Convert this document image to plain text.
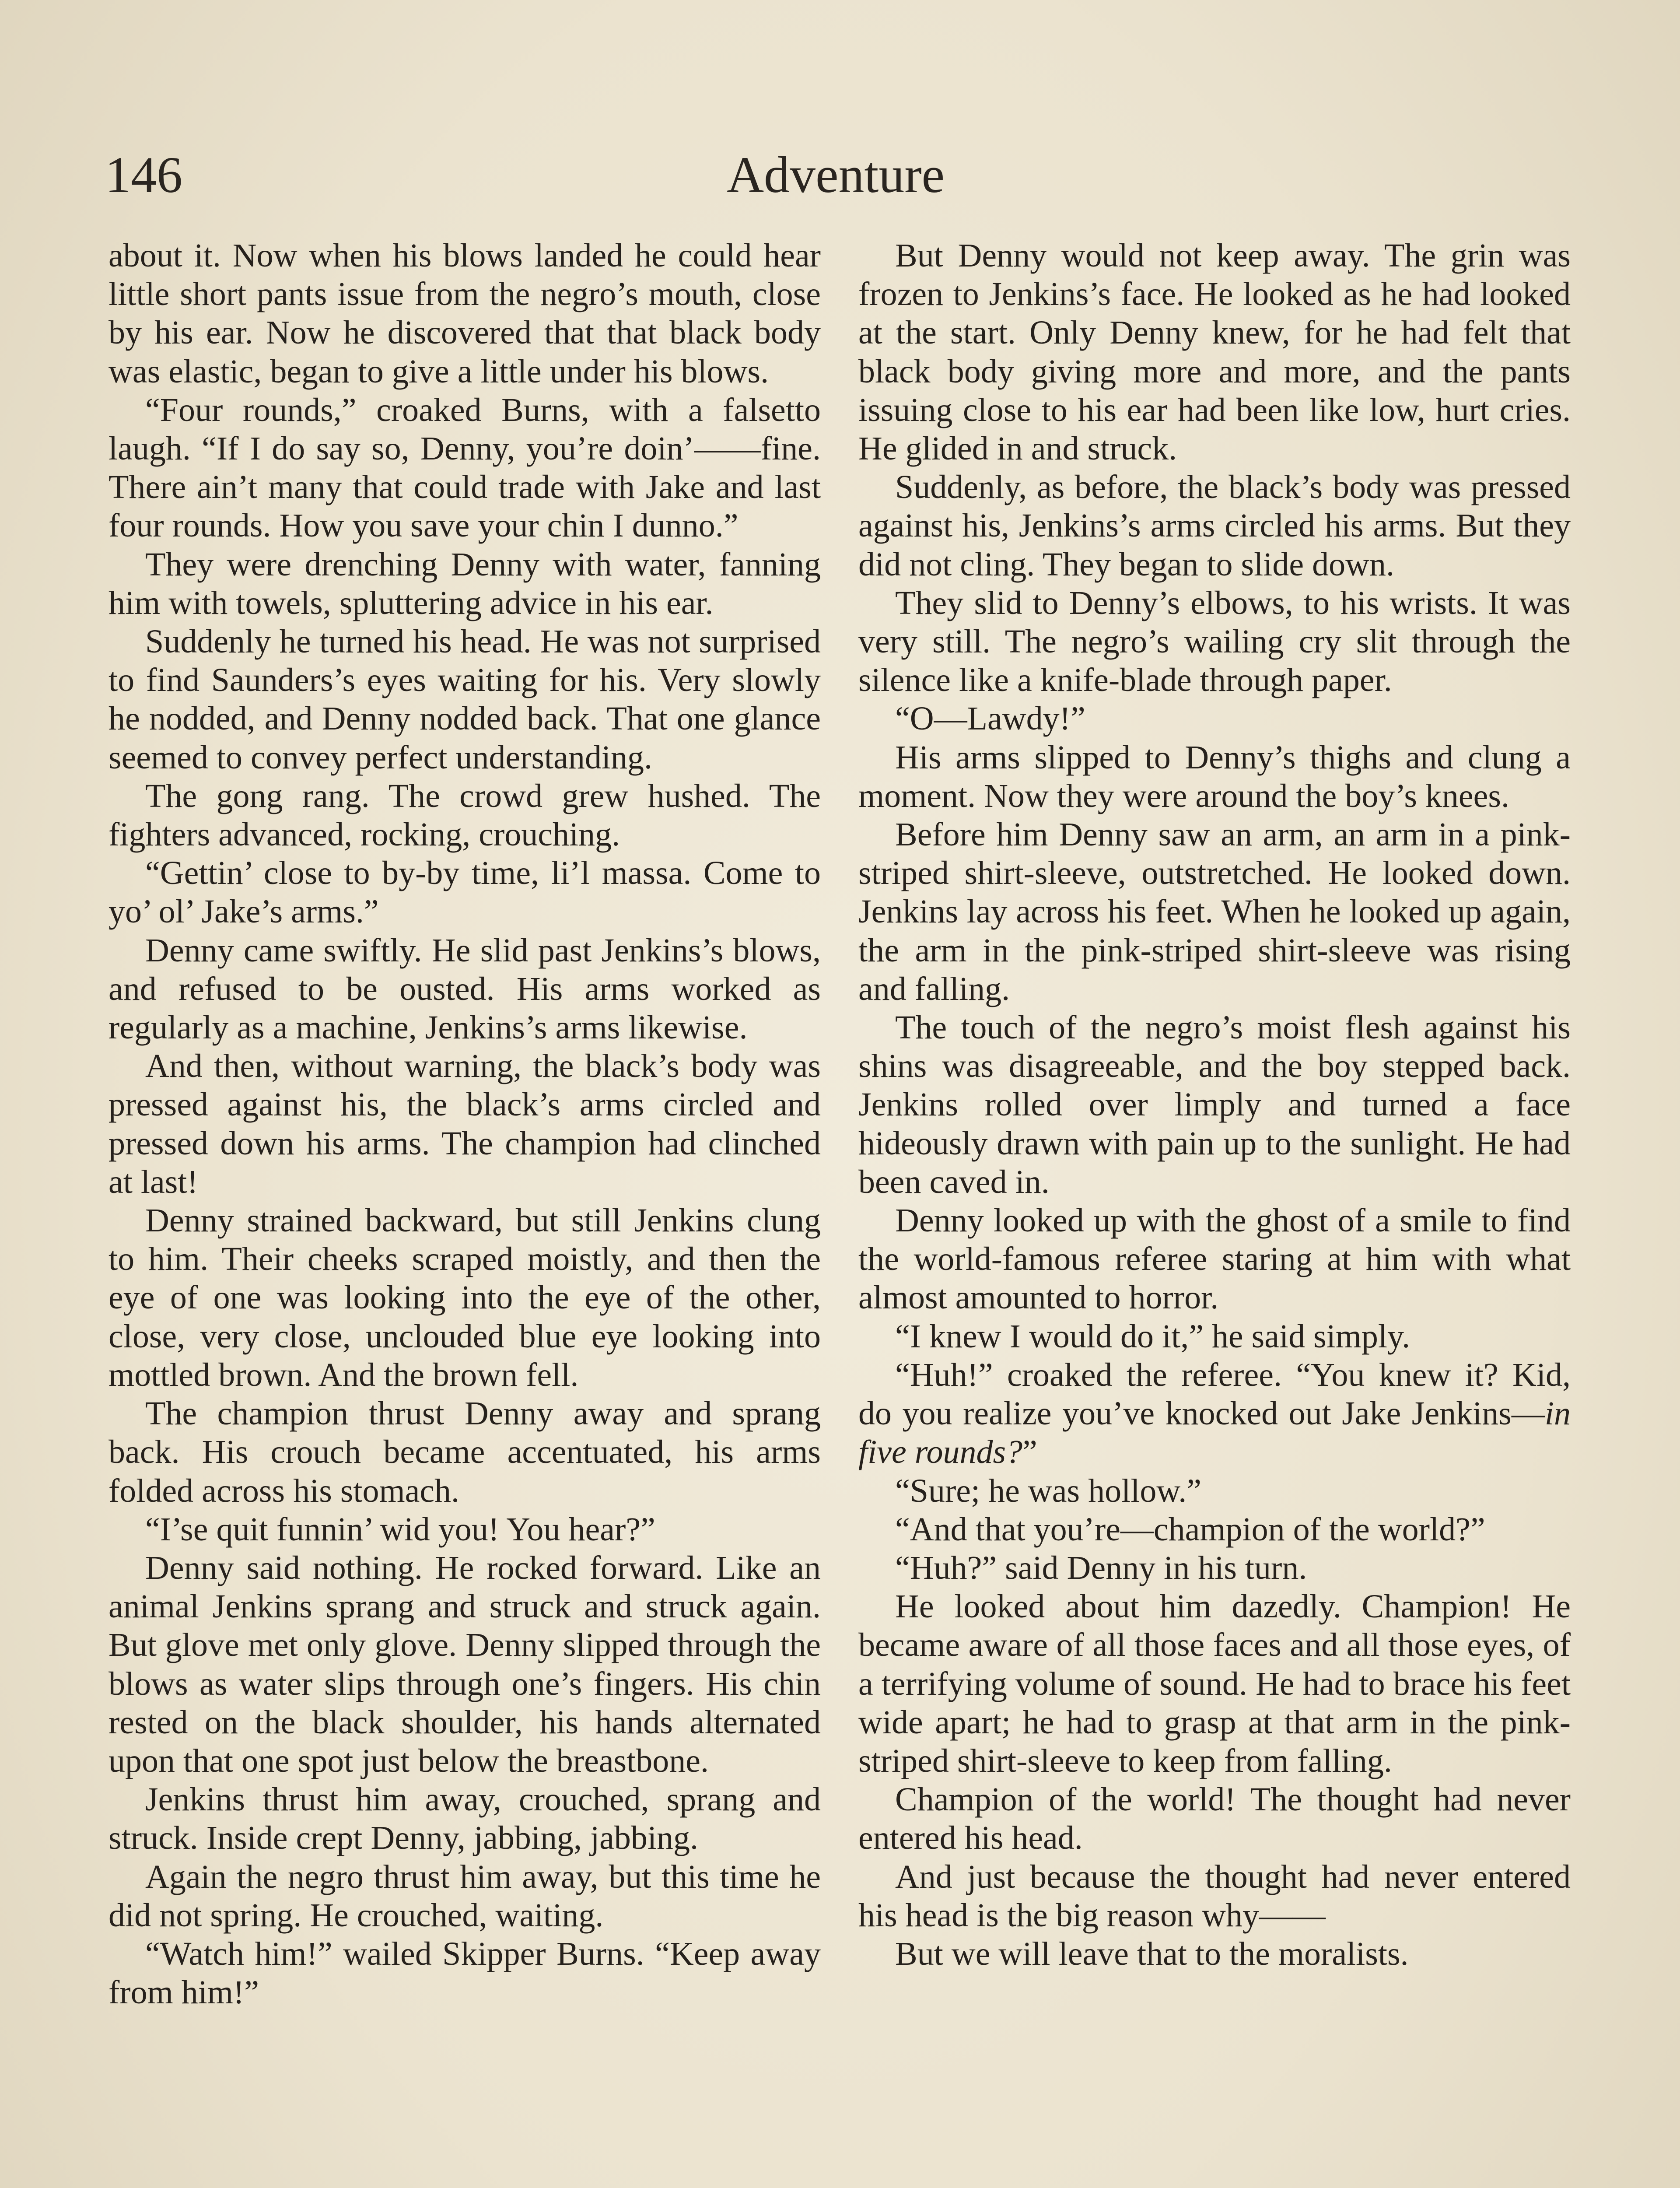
146	Adventure

about it. Now when his blows landed he could hear little short pants issue from the negro’s mouth, close by his ear. Now he discovered that that black body was elastic, began to give a little under his blows.

“Four rounds,” croaked Burns, with a falsetto laugh. “If I do say so, Denny, you’re doin’——fine. There ain’t many that could trade with Jake and last four rounds. How you save your chin I dunno.”

They were drenching Denny with water, fanning him with towels, spluttering advice in his ear.

Suddenly he turned his head. He was not surprised to find Saunders’s eyes waiting for his. Very slowly he nodded, and Denny nodded back. That one glance seemed to convey perfect understanding.

The gong rang. The crowd grew hushed. The fighters advanced, rocking, crouching.

“Gettin’ close to by-by time, li’l massa. Come to yo’ ol’ Jake’s arms.”

Denny came swiftly. He slid past Jenkins’s blows, and refused to be ousted. His arms worked as regularly as a machine, Jenkins’s arms likewise.

And then, without warning, the black’s body was pressed against his, the black’s arms circled and pressed down his arms. The champion had clinched at last!

Denny strained backward, but still Jenkins clung to him. Their cheeks scraped moistly, and then the eye of one was looking into the eye of the other, close, very close, unclouded blue eye looking into mottled brown. And the brown fell.

The champion thrust Denny away and sprang back. His crouch became accentuated, his arms folded across his stomach.

“I’se quit funnin’ wid you! You hear?”

Denny said nothing. He rocked forward. Like an animal Jenkins sprang and struck and struck again. But glove met only glove. Denny slipped through the blows as water slips through one’s fingers. His chin rested on the black shoulder, his hands alternated upon that one spot just below the breastbone.

Jenkins thrust him away, crouched, sprang and struck. Inside crept Denny, jabbing, jabbing.

Again the negro thrust him away, but this time he did not spring. He crouched, waiting.

“Watch him!” wailed Skipper Burns. “Keep away from him!”

But Denny would not keep away. The grin was frozen to Jenkins’s face. He looked as he had looked at the start. Only Denny knew, for he had felt that black body giving more and more, and the pants issuing close to his ear had been like low, hurt cries. He glided in and struck.

Suddenly, as before, the black’s body was pressed against his, Jenkins’s arms circled his arms. But they did not cling. They began to slide down.

They slid to Denny’s elbows, to his wrists. It was very still. The negro’s wailing cry slit through the silence like a knife-blade through paper.

“O—Lawdy!”

His arms slipped to Denny’s thighs and clung a moment. Now they were around the boy’s knees.

Before him Denny saw an arm, an arm in a pink-striped shirt-sleeve, outstretched. He looked down. Jenkins lay across his feet. When he looked up again, the arm in the pink-striped shirt-sleeve was rising and falling.

The touch of the negro’s moist flesh against his shins was disagreeable, and the boy stepped back. Jenkins rolled over limply and turned a face hideously drawn with pain up to the sunlight. He had been caved in.

Denny looked up with the ghost of a smile to find the world-famous referee staring at him with what almost amounted to horror.

“I knew I would do it,” he said simply.

“Huh!” croaked the referee. “You knew it? Kid, do you realize you’ve knocked out Jake Jenkins—in five rounds?”

“Sure; he was hollow.”

“And that you’re—champion of the world?”

“Huh?” said Denny in his turn.

He looked about him dazedly. Champion! He became aware of all those faces and all those eyes, of a terrifying volume of sound. He had to brace his feet wide apart; he had to grasp at that arm in the pink-striped shirt-sleeve to keep from falling.

Champion of the world! The thought had never entered his head.

And just because the thought had never entered his head is the big reason why——

But we will leave that to the moralists.
